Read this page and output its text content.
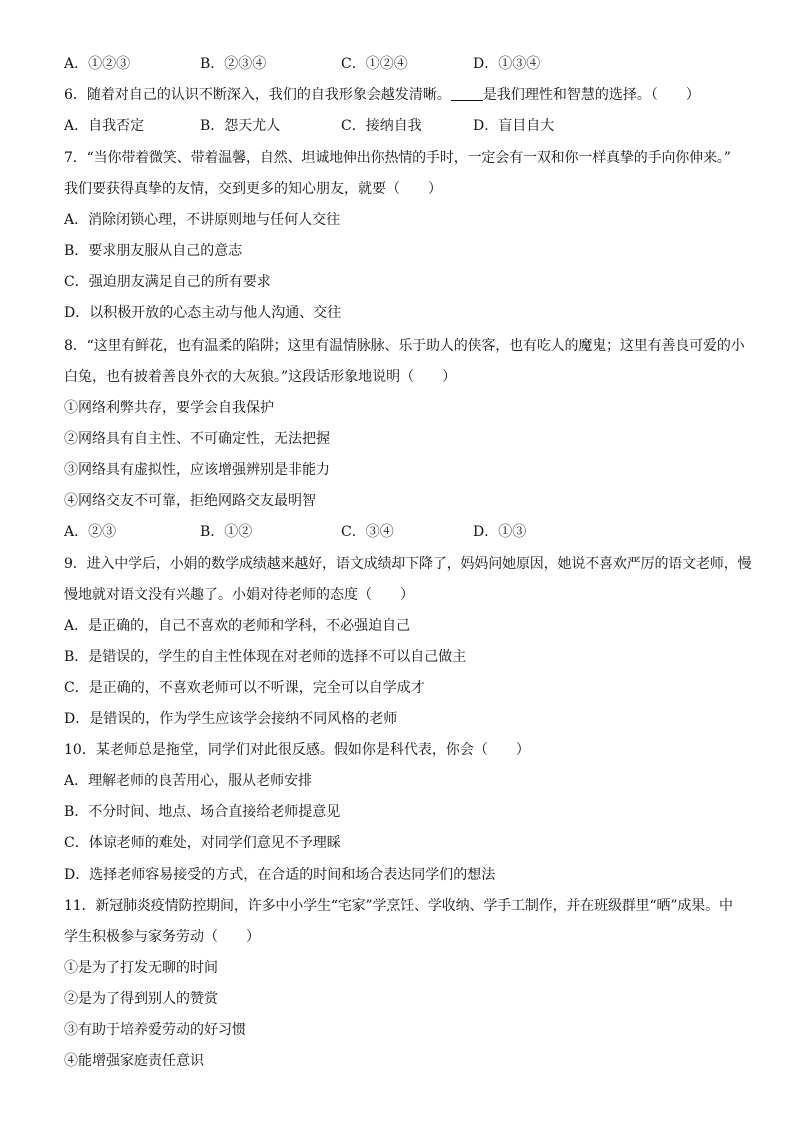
A．①②③	B．②③④	C．①②④	D．①③④
6．随着对自己的认识不断深入，我们的自我形象会越发清晰。 是我们理性和智慧的选择。（　　）
A．自我否定	B．怨天尤人	C．接纳自我	D．盲目自大
7．“当你带着微笑、带着温馨，自然、坦诚地伸出你热情的手时，一定会有一双和你一样真挚的手向你伸来。”
我们要获得真挚的友情，交到更多的知心朋友，就要（　　）
A．消除闭锁心理，不讲原则地与任何人交往
B．要求朋友服从自己的意志
C．强迫朋友满足自己的所有要求
D．以积极开放的心态主动与他人沟通、交往
8．“这里有鲜花，也有温柔的陷阱；这里有温情脉脉、乐于助人的侠客，也有吃人的魔鬼；这里有善良可爱的小
白兔，也有披着善良外衣的大灰狼。”这段话形象地说明（　　）
①网络利弊共存，要学会自我保护
②网络具有自主性、不可确定性，无法把握
③网络具有虚拟性，应该增强辨别是非能力
④网络交友不可靠，拒绝网路交友最明智
A．②③	B．①②	C．③④	D．①③
9．进入中学后，小娟的数学成绩越来越好，语文成绩却下降了，妈妈问她原因，她说不喜欢严厉的语文老师，慢
慢地就对语文没有兴趣了。小娟对待老师的态度（　　）
A．是正确的，自己不喜欢的老师和学科，不必强迫自己
B．是错误的，学生的自主性体现在对老师的选择不可以自己做主
C．是正确的，不喜欢老师可以不听课，完全可以自学成才
D．是错误的，作为学生应该学会接纳不同风格的老师
10．某老师总是拖堂，同学们对此很反感。假如你是科代表，你会（　　）
A．理解老师的良苦用心，服从老师安排
B．不分时间、地点、场合直接给老师提意见
C．体谅老师的难处，对同学们意见不予理睬
D．选择老师容易接受的方式，在合适的时间和场合表达同学们的想法
11．新冠肺炎疫情防控期间，许多中小学生“宅家”学烹饪、学收纳、学手工制作，并在班级群里“晒”成果。中
学生积极参与家务劳动（　　）
①是为了打发无聊的时间
②是为了得到别人的赞赏
③有助于培养爱劳动的好习惯
④能增强家庭责任意识
